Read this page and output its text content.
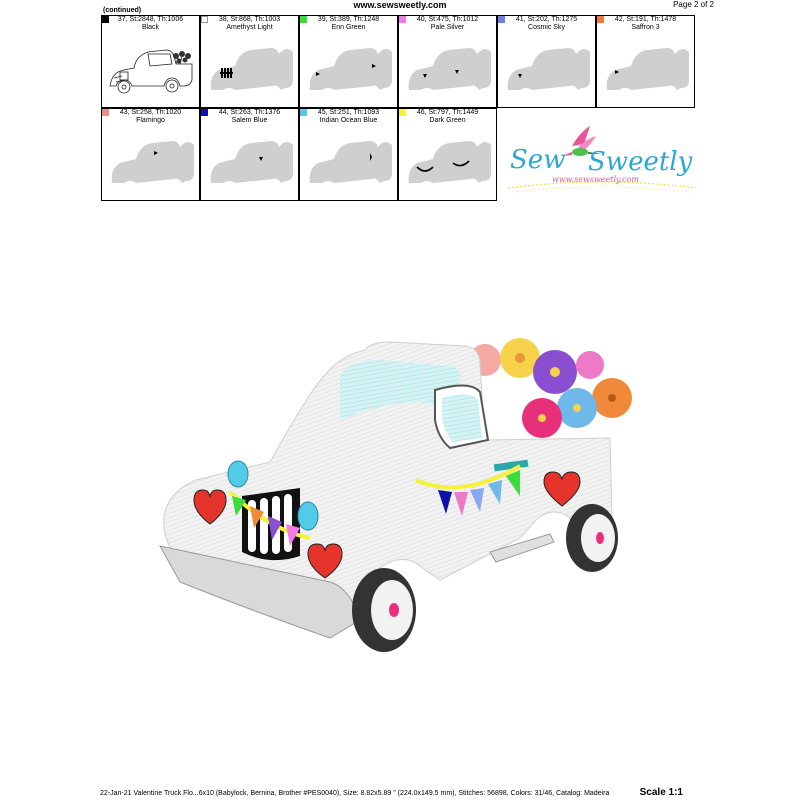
www.sewsweetly.com	Page 2 of 2
(continued)
37, St:2848, Th:1006
Black
38, St:868, Th:1003
Amethyst Light
39, St:389, Th:1248
Enn Green
40, St:475, Th:1012
Pale Silver
41, St:202, Th:1275
Cosmic Sky
42, St:191, Th:1478
Saffron 3
43, St:258, Th:1020
Flamingo
44, St:263, Th:1376
Salem Blue
45, St:251, Th:1093
Indian Ocean Blue
46, St:797, Th:1449
Dark Green
Sew Sweetly
www.sewsweetly.com
22-Jan-21 Valentine Truck Flo...6x10 (Babylock, Bernina, Brother #PES0040), Size: 8.82x5.89 " (224.0x149.5 mm), Stitches: 56898, Colors: 31/46, Catalog: Madeira	Scale 1:1
